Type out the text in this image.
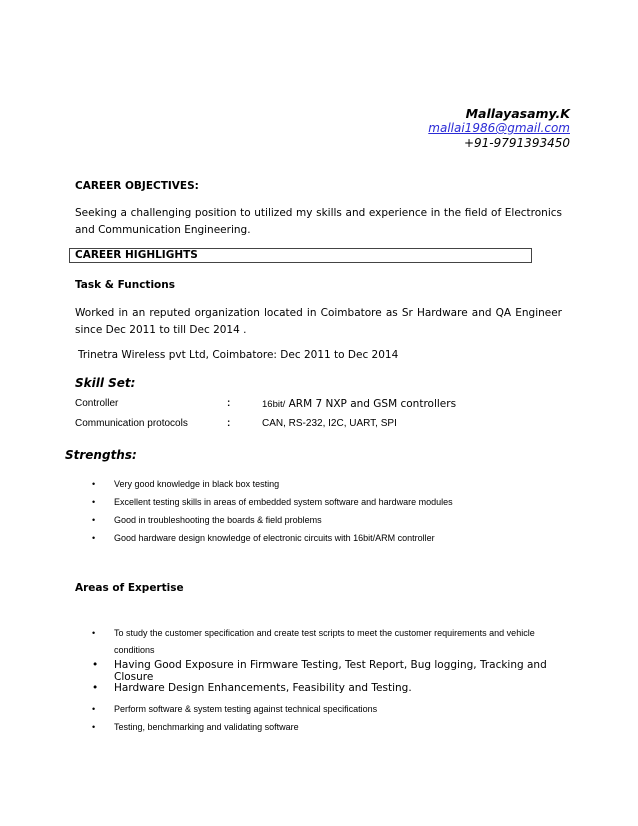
Mallayasamy.K
mallai1986@gmail.com
+91-9791393450
CAREER OBJECTIVES:
Seeking a challenging position to utilized my skills and experience in the field of Electronics and Communication Engineering.
CAREER HIGHLIGHTS
Task & Functions
Worked in an reputed organization located in Coimbatore as Sr Hardware and QA Engineer since Dec 2011 to till Dec 2014 .
Trinetra Wireless pvt Ltd, Coimbatore: Dec 2011 to Dec 2014
Skill Set:
Controller	:	16bit/ ARM 7 NXP and GSM controllers
Communication protocols	:	CAN, RS-232, I2C, UART, SPI
Strengths:
• Very good knowledge in black box testing
• Excellent testing skills in areas of embedded system software and hardware modules
• Good in troubleshooting the boards & field problems
• Good hardware design knowledge of electronic circuits with 16bit/ARM controller
Areas of Expertise
• To study the customer specification and create test scripts to meet the customer requirements and vehicle conditions
• Having Good Exposure in Firmware Testing, Test Report, Bug logging, Tracking and Closure
• Hardware Design Enhancements, Feasibility and Testing.
• Perform software & system testing against technical specifications
• Testing, benchmarking and validating software
